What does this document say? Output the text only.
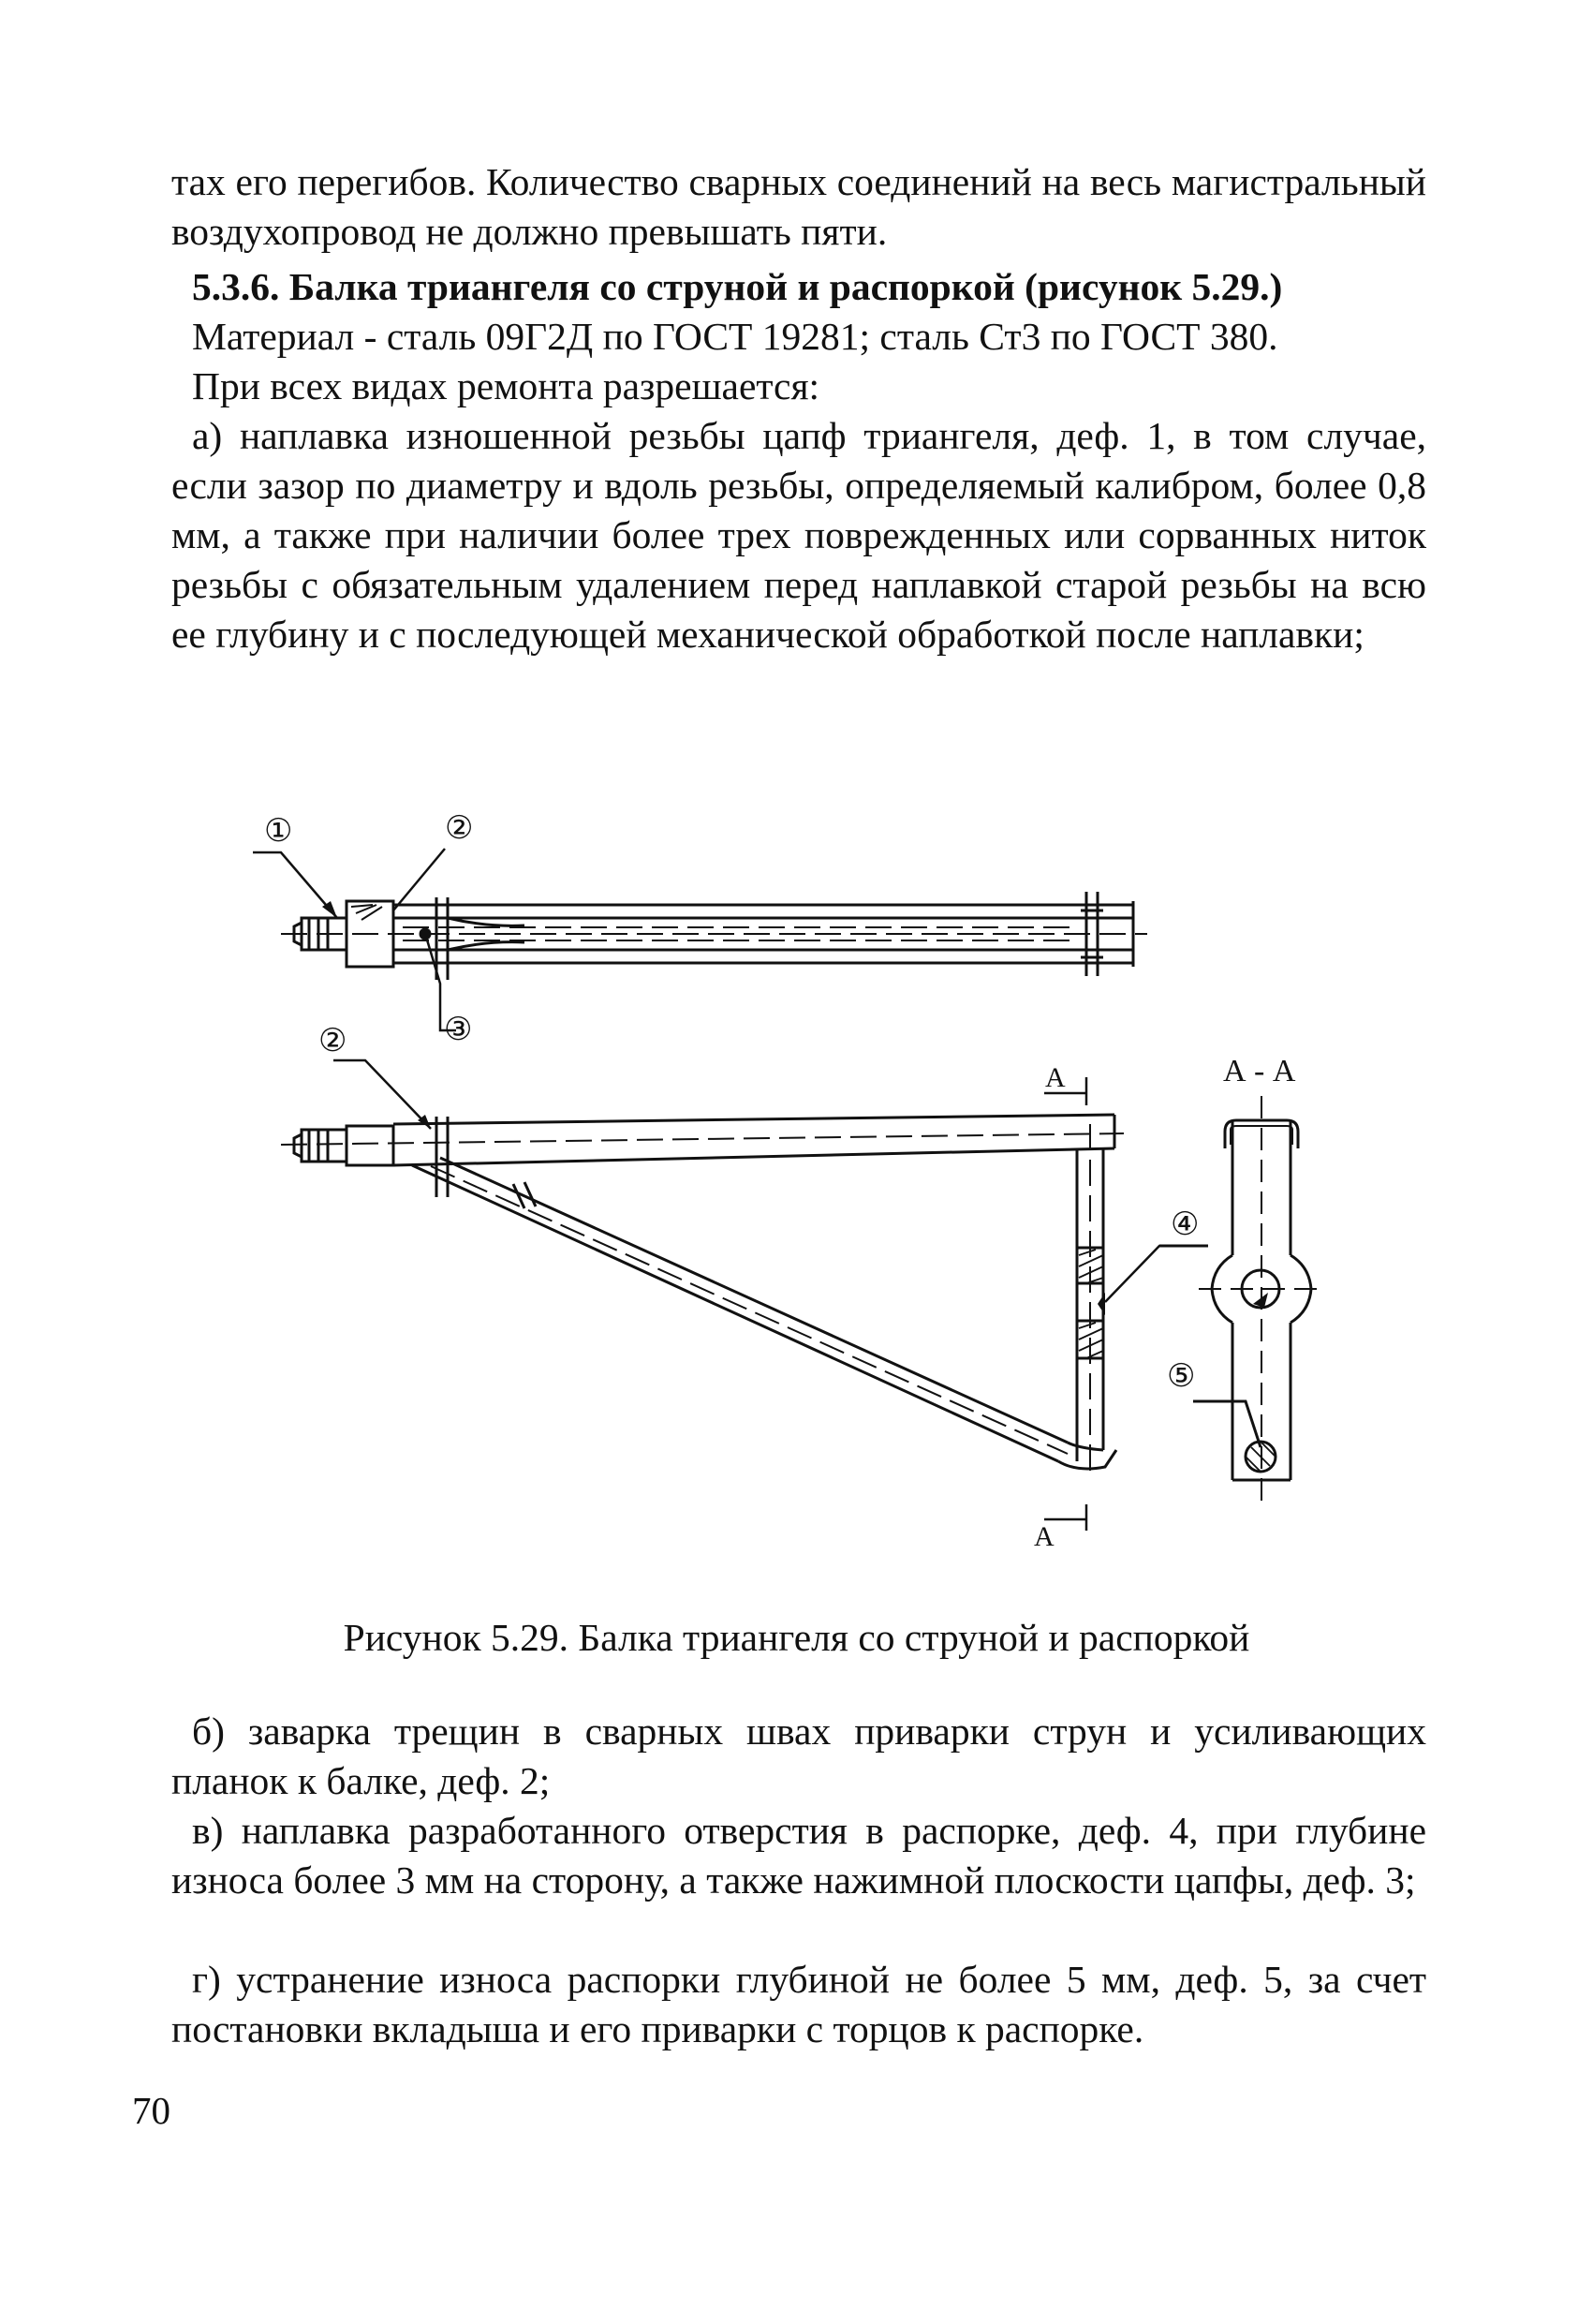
тах его перегибов. Количество сварных соединений на весь магистральный воздухопровод не должно превышать пяти.

5.3.6. Балка триангеля со струной и распоркой (рисунок 5.29.)

Материал - сталь 09Г2Д по ГОСТ 19281; сталь Ст3 по ГОСТ 380.

При всех видах ремонта разрешается:

а) наплавка изношенной резьбы цапф триангеля, деф. 1, в том случае, если зазор по диаметру и вдоль резьбы, определяемый калибром, более 0,8 мм, а также при наличии более трех поврежденных или сорванных ниток резьбы с обязательным удалением перед наплавкой старой резьбы на всю ее глубину и с последующей механической обработкой после наплавки;

①	②
③
②
А
А
А - А
④
⑤

Рисунок 5.29. Балка триангеля со струной и распоркой

б) заварка трещин в сварных швах приварки струн и усиливающих планок к балке, деф. 2;

в) наплавка разработанного отверстия в распорке, деф. 4, при глубине износа более 3 мм на сторону, а также нажимной плоскости цапфы, деф. 3;

г) устранение износа распорки глубиной не более 5 мм, деф. 5, за счет постановки вкладыша и его приварки с торцов к распорке.

70
